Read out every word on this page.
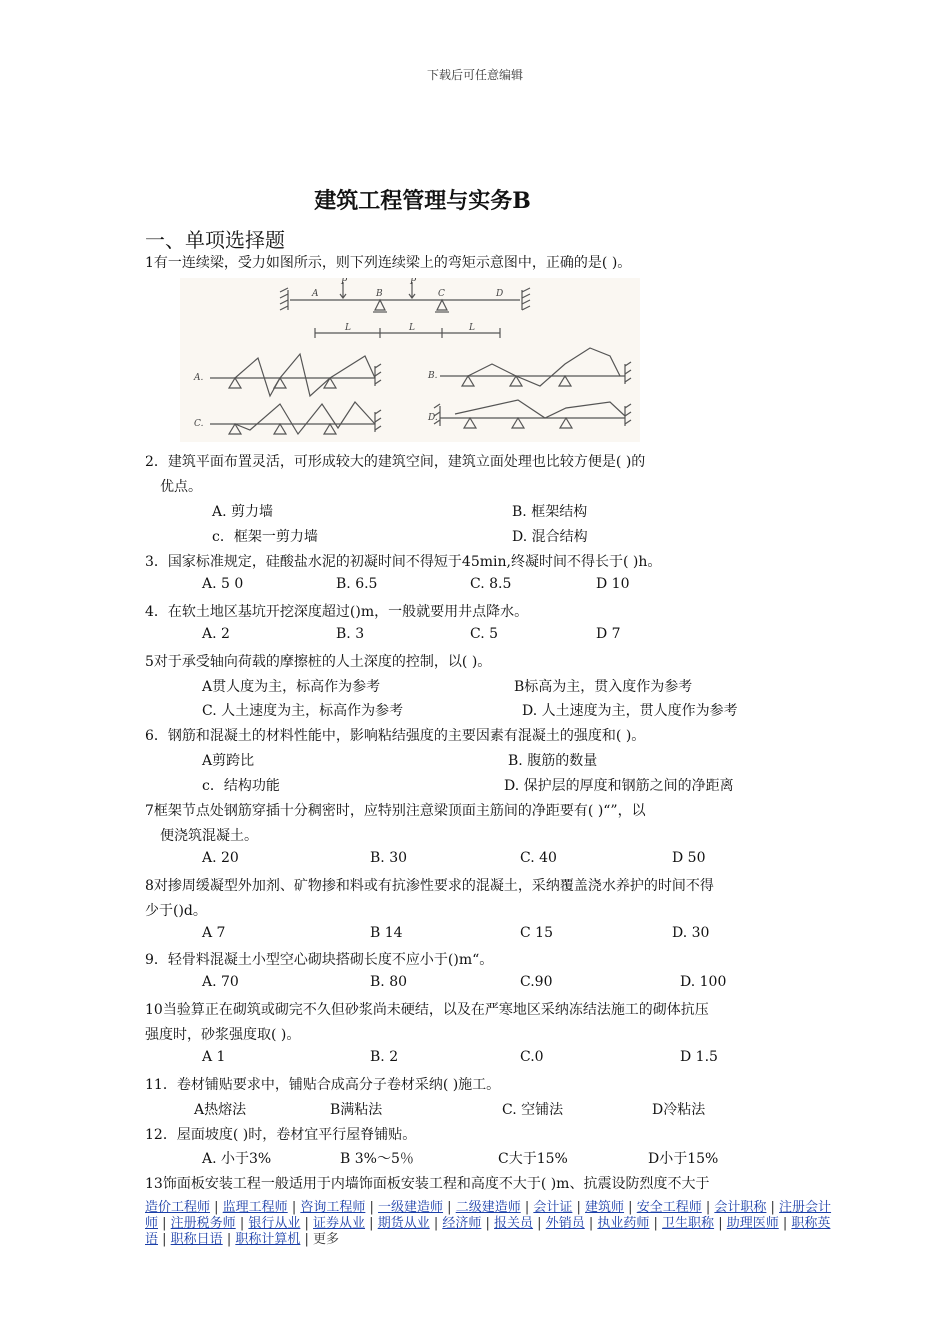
下载后可任意编辑
建筑工程管理与实务B
一、单项选择题
1有一连续梁，受力如图所示，则下列连续梁上的弯矩示意图中，正确的是( )。
P	P
A	B	C	D
L	L	L
A.	B.
C.
D.
2．建筑平面布置灵活，可形成较大的建筑空间，建筑立面处理也比较方便是( )的
优点。
A. 剪力墙	B. 框架结构
c．框架一剪力墙	D. 混合结构
3．国家标准规定，硅酸盐水泥的初凝时间不得短于45min,终凝时间不得长于( )h。
A. 5 0	B. 6.5	C. 8.5	D 10
4．在软土地区基坑开挖深度超过()m，一般就要用井点降水。
A. 2	B. 3	C. 5	D 7
5对于承受轴向荷载的摩擦桩的人土深度的控制，以( )。
A贯人度为主，标高作为参考	B标高为主，贯入度作为参考
C. 人土速度为主，标高作为参考	D. 人土速度为主，贯人度作为参考
6．钢筋和混凝土的材料性能中，影响粘结强度的主要因素有混凝土的强度和( )。
A剪跨比	B. 腹筋的数量
c．结构功能	D. 保护层的厚度和钢筋之间的净距离
7框架节点处钢筋穿插十分稠密时，应特别注意梁顶面主筋间的净距要有( )“”，以
便浇筑混凝土。
A. 20	B. 30	C. 40	D 50
8对掺周缓凝型外加剂、矿物掺和料或有抗渗性要求的混凝土，采纳覆盖浇水养护的时间不得
少于()d。
A 7	B 14	C 15	D. 30
9．轻骨料混凝土小型空心砌块搭砌长度不应小于()m“。
A. 70	B. 80	C.90	D. 100
10当验算正在砌筑或砌完不久但砂浆尚未硬结，以及在严寒地区采纳冻结法施工的砌体抗压
强度时，砂浆强度取( )。
A 1	B. 2	C.0	D 1.5
11．卷材铺贴要求中，铺贴合成高分子卷材采纳( )施工。
A热熔法	B满粘法	C. 空铺法	D冷粘法
12．屋面坡度( )时，卷材宜平行屋脊铺贴。
A. 小于3%	B 3%～5％	C大于15%	D小于15%
13饰面板安装工程一般适用于内墙饰面板安装工程和高度不大于( )m、抗震设防烈度不大于
造价工程师 | 监理工程师 | 咨询工程师 | 一级建造师 | 二级建造师 | 会计证 | 建筑师 | 安全工程师 | 会计职称 | 注册会计师 | 注册税务师 | 银行从业 | 证券从业 | 期货从业 | 经济师 | 报关员 | 外销员 | 执业药师 | 卫生职称 | 助理医师 | 职称英语 | 职称日语 | 职称计算机 | 更多
